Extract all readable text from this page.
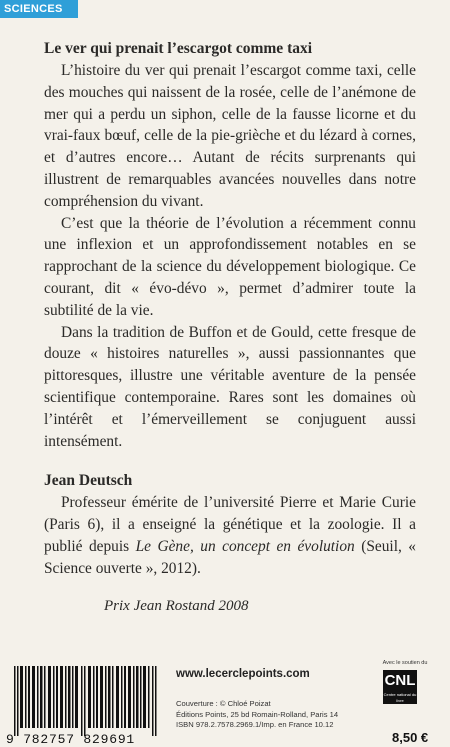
SCIENCES

Le ver qui prenait l’escargot comme taxi

L’histoire du ver qui prenait l’escargot comme taxi, celle des mouches qui naissent de la rosée, celle de l’anémone de mer qui a perdu un siphon, celle de la fausse licorne et du vrai-faux bœuf, celle de la pie-grièche et du lézard à cornes, et d’autres encore… Autant de récits surprenants qui illustrent de remarquables avancées nouvelles dans notre compréhension du vivant.

C’est que la théorie de l’évolution a récemment connu une inflexion et un approfondissement notables en se rapprochant de la science du développement biologique. Ce courant, dit « évo-dévo », permet d’admirer toute la subtilité de la vie.

Dans la tradition de Buffon et de Gould, cette fresque de douze « histoires naturelles », aussi passionnantes que pittoresques, illustre une véritable aventure de la pensée scientifique contemporaine. Rares sont les domaines où l’intérêt et l’émerveillement se conjuguent aussi intensément.

Jean Deutsch

Professeur émérite de l’université Pierre et Marie Curie (Paris 6), il a enseigné la génétique et la zoologie. Il a publié depuis Le Gène, un concept en évolution (Seuil, « Science ouverte », 2012).

Prix Jean Rostand 2008
9 782757 829691
www.lecerclepoints.com
Couverture : © Chloé Poizat
Éditions Points, 25 bd Romain-Rolland, Paris 14
ISBN 978.2.7578.2969.1/Imp. en France 10.12
Avec le soutien du
CNL
Centre national du livre
8,50 €
